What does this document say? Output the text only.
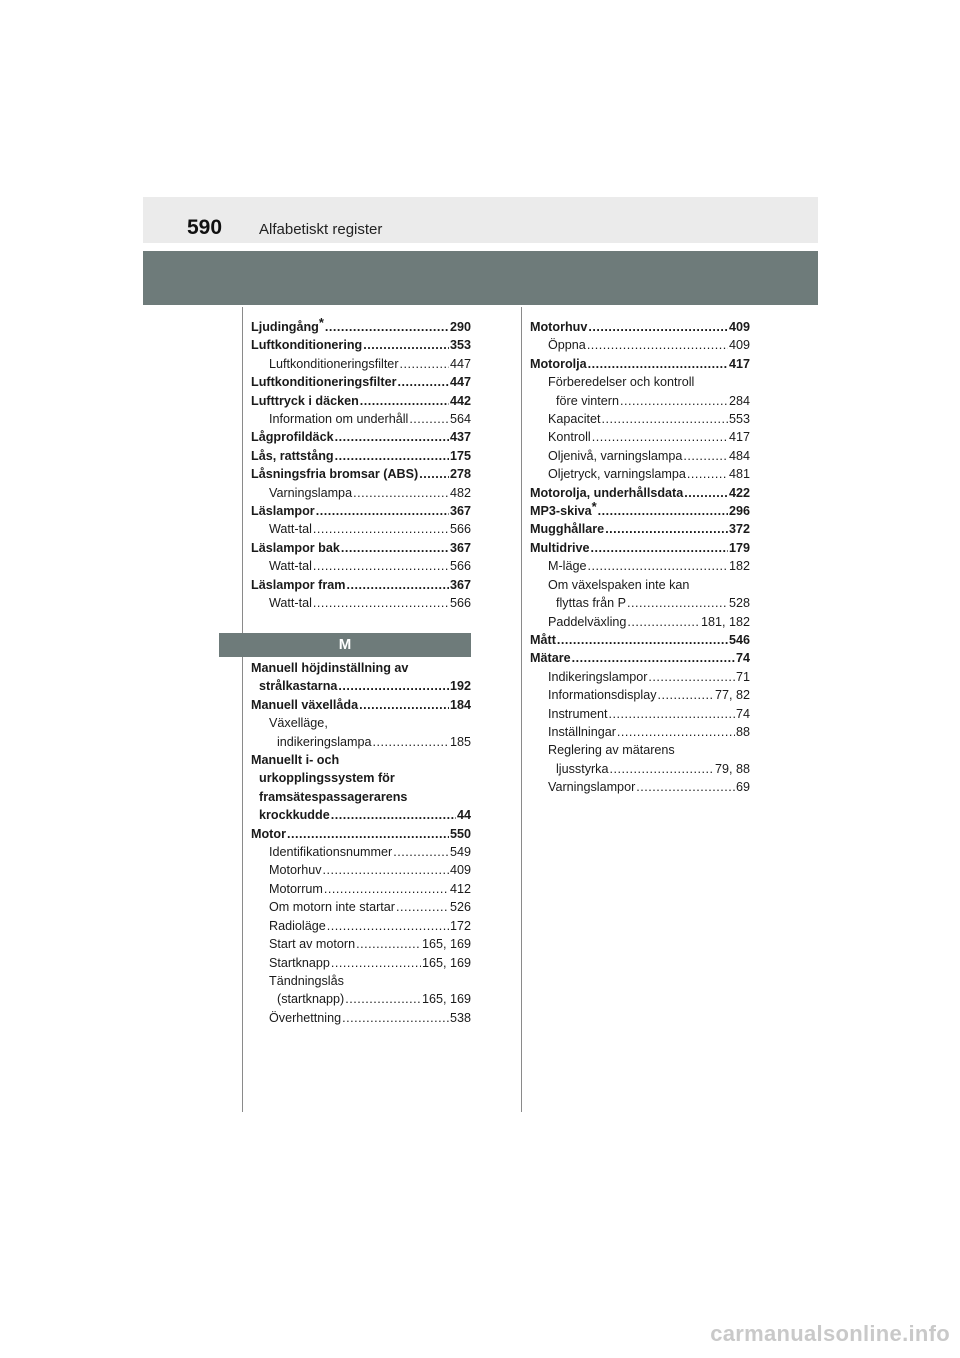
590 Alfabetiskt register
Ljudingång* .....	290
Luftkonditionering .....	353
Luftkonditioneringsfilter .....	447
Luftkonditioneringsfilter .....	447
Lufttryck i däcken .....	442
Information om underhåll .....	564
Lågprofildäck .....	437
Lås, rattstång .....	175
Låsningsfria bromsar (ABS) .....	278
Varningslampa .....	482
Läslampor .....	367
Watt-tal .....	566
Läslampor bak .....	367
Watt-tal .....	566
Läslampor fram .....	367
Watt-tal .....	566
M
Manuell höjdinställning av
strålkastarna .....	192
Manuell växellåda .....	184
Växelläge,
indikeringslampa .....	185
Manuellt i- och
urkopplingssystem för
framsätespassagerarens
krockkudde .....	44
Motor .....	550
Identifikationsnummer .....	549
Motorhuv .....	409
Motorrum .....	412
Om motorn inte startar .....	526
Radioläge .....	172
Start av motorn .....	165, 169
Startknapp .....	165, 169
Tändningslås
(startknapp) .....	165, 169
Överhettning .....	538
Motorhuv .....	409
Öppna .....	409
Motorolja .....	417
Förberedelser och kontroll
före vintern .....	284
Kapacitet .....	553
Kontroll .....	417
Oljenivå, varningslampa .....	484
Oljetryck, varningslampa .....	481
Motorolja, underhållsdata .....	422
MP3-skiva* .....	296
Mugghållare .....	372
Multidrive .....	179
M-läge .....	182
Om växelspaken inte kan
flyttas från P .....	528
Paddelväxling .....	181, 182
Mått .....	546
Mätare .....	74
Indikeringslampor .....	71
Informationsdisplay .....	77, 82
Instrument .....	74
Inställningar .....	88
Reglering av mätarens
ljusstyrka .....	79, 88
Varningslampor .....	69
carmanualsonline.info
